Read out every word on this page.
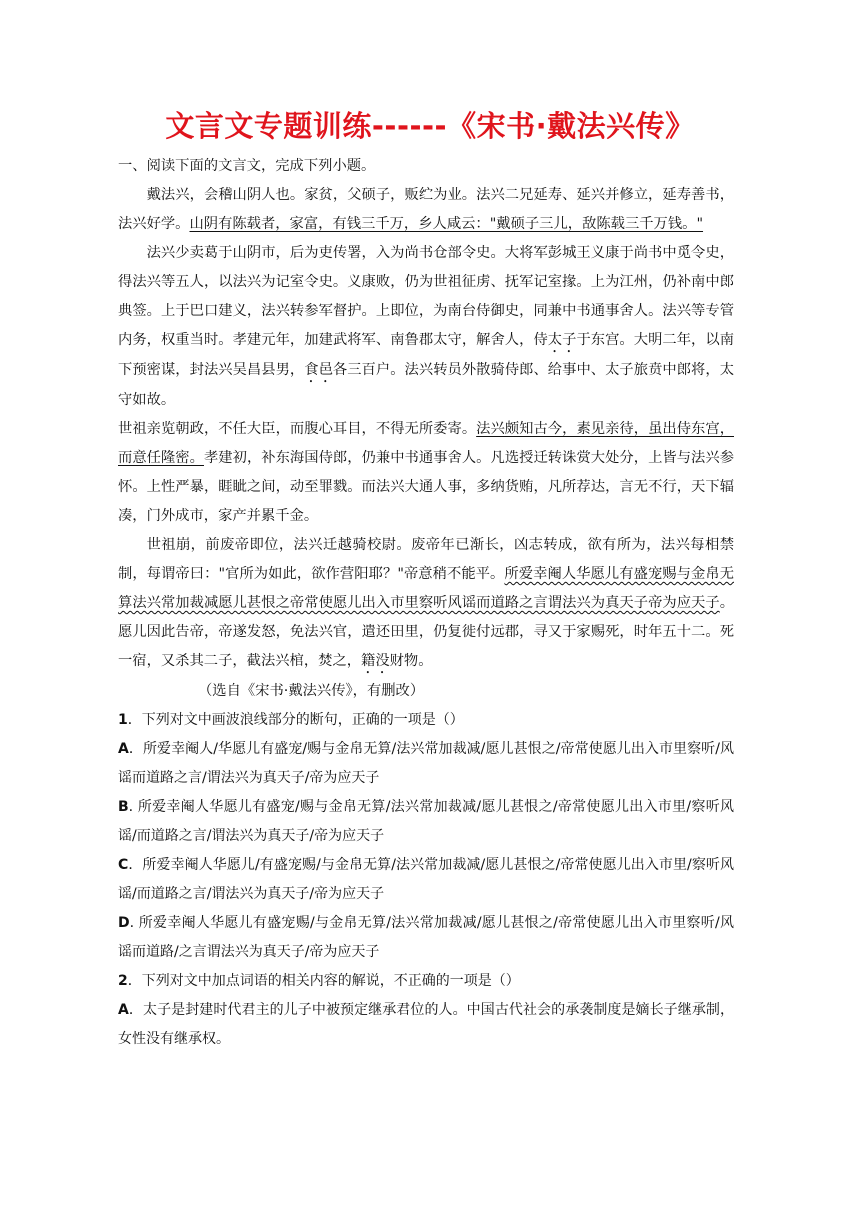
文言文专题训练------《宋书·戴法兴传》

一、阅读下面的文言文，完成下列小题。

戴法兴，会稽山阴人也。家贫，父硕子，贩纻为业。法兴二兄延寿、延兴并修立，延寿善书，法兴好学。山阴有陈载者，家富，有钱三千万，乡人咸云："戴硕子三儿，敌陈载三千万钱。"

法兴少卖葛于山阴市，后为吏传署，入为尚书仓部令史。大将军彭城王义康于尚书中觅令史，得法兴等五人，以法兴为记室令史。义康败，仍为世祖征虏、抚军记室掾。上为江州，仍补南中郎典签。上于巴口建义，法兴转参军督护。上即位，为南台侍御史，同兼中书通事舍人。法兴等专管内务，权重当时。孝建元年，加建武将军、南鲁郡太守，解舍人，侍太子于东宫。大明二年，以南下预密谋，封法兴吴昌县男，食邑各三百户。法兴转员外散骑侍郎、给事中、太子旅贲中郎将，太守如故。

世祖亲览朝政，不任大臣，而腹心耳目，不得无所委寄。法兴颇知古今，素见亲待，虽出侍东宫，而意任隆密。孝建初，补东海国侍郎，仍兼中书通事舍人。凡选授迁转诛赏大处分，上皆与法兴参怀。上性严暴，睚眦之间，动至罪戮。而法兴大通人事，多纳货贿，凡所荐达，言无不行，天下辐凑，门外成市，家产并累千金。

世祖崩，前废帝即位，法兴迁越骑校尉。废帝年已渐长，凶志转成，欲有所为，法兴每相禁制，每谓帝曰："官所为如此，欲作营阳耶？"帝意稍不能平。所爱幸阉人华愿儿有盛宠赐与金帛无算法兴常加裁减愿儿甚恨之帝常使愿儿出入市里察听风谣而道路之言谓法兴为真天子帝为应天子。愿儿因此告帝，帝遂发怒，免法兴官，遣还田里，仍复徙付远郡，寻又于家赐死，时年五十二。死一宿，又杀其二子，截法兴棺，焚之，籍没财物。

（选自《宋书·戴法兴传》，有删改）

1．下列对文中画波浪线部分的断句，正确的一项是（）

A．所爱幸阉人/华愿儿有盛宠/赐与金帛无算/法兴常加裁减/愿儿甚恨之/帝常使愿儿出入市里察听/风谣而道路之言/谓法兴为真天子/帝为应天子

B. 所爱幸阉人华愿儿有盛宠/赐与金帛无算/法兴常加裁减/愿儿甚恨之/帝常使愿儿出入市里/察听风谣/而道路之言/谓法兴为真天子/帝为应天子

C．所爱幸阉人华愿儿/有盛宠赐/与金帛无算/法兴常加裁减/愿儿甚恨之/帝常使愿儿出入市里/察听风谣/而道路之言/谓法兴为真天子/帝为应天子

D. 所爱幸阉人华愿儿有盛宠赐/与金帛无算/法兴常加裁减/愿儿甚恨之/帝常使愿儿出入市里察听/风谣而道路/之言谓法兴为真天子/帝为应天子

2．下列对文中加点词语的相关内容的解说，不正确的一项是（）

A．太子是封建时代君主的儿子中被预定继承君位的人。中国古代社会的承袭制度是嫡长子继承制，女性没有继承权。
